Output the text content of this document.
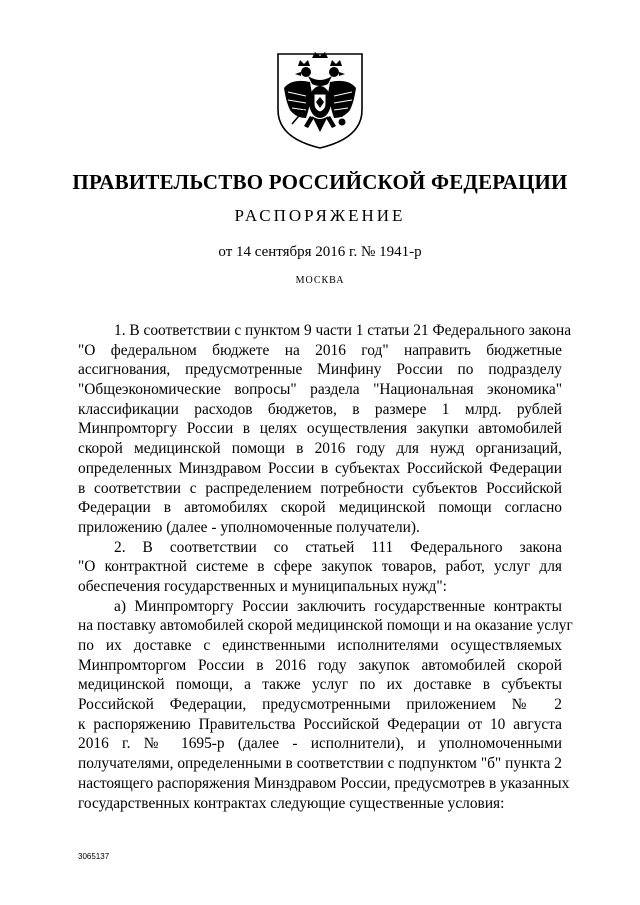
ПРАВИТЕЛЬСТВО РОССИЙСКОЙ ФЕДЕРАЦИИ
РАСПОРЯЖЕНИЕ
от 14 сентября 2016 г. № 1941-р
МОСКВА
1. В соответствии с пунктом 9 части 1 статьи 21 Федерального закона
"О федеральном бюджете на 2016 год" направить бюджетные
ассигнования, предусмотренные Минфину России по подразделу
"Общеэкономические вопросы" раздела "Национальная экономика"
классификации расходов бюджетов, в размере 1 млрд. рублей
Минпромторгу России в целях осуществления закупки автомобилей
скорой медицинской помощи в 2016 году для нужд организаций,
определенных Минздравом России в субъектах Российской Федерации
в соответствии с распределением потребности субъектов Российской
Федерации в автомобилях скорой медицинской помощи согласно
приложению (далее - уполномоченные получатели).
2. В соответствии со статьей 111 Федерального закона
"О контрактной системе в сфере закупок товаров, работ, услуг для
обеспечения государственных и муниципальных нужд":
а) Минпромторгу России заключить государственные контракты
на поставку автомобилей скорой медицинской помощи и на оказание услуг
по их доставке с единственными исполнителями осуществляемых
Минпромторгом России в 2016 году закупок автомобилей скорой
медицинской помощи, а также услуг по их доставке в субъекты
Российской Федерации, предусмотренными приложением № 2
к распоряжению Правительства Российской Федерации от 10 августа
2016 г. № 1695-р (далее - исполнители), и уполномоченными
получателями, определенными в соответствии с подпунктом "б" пункта 2
настоящего распоряжения Минздравом России, предусмотрев в указанных
государственных контрактах следующие существенные условия:
3065137
